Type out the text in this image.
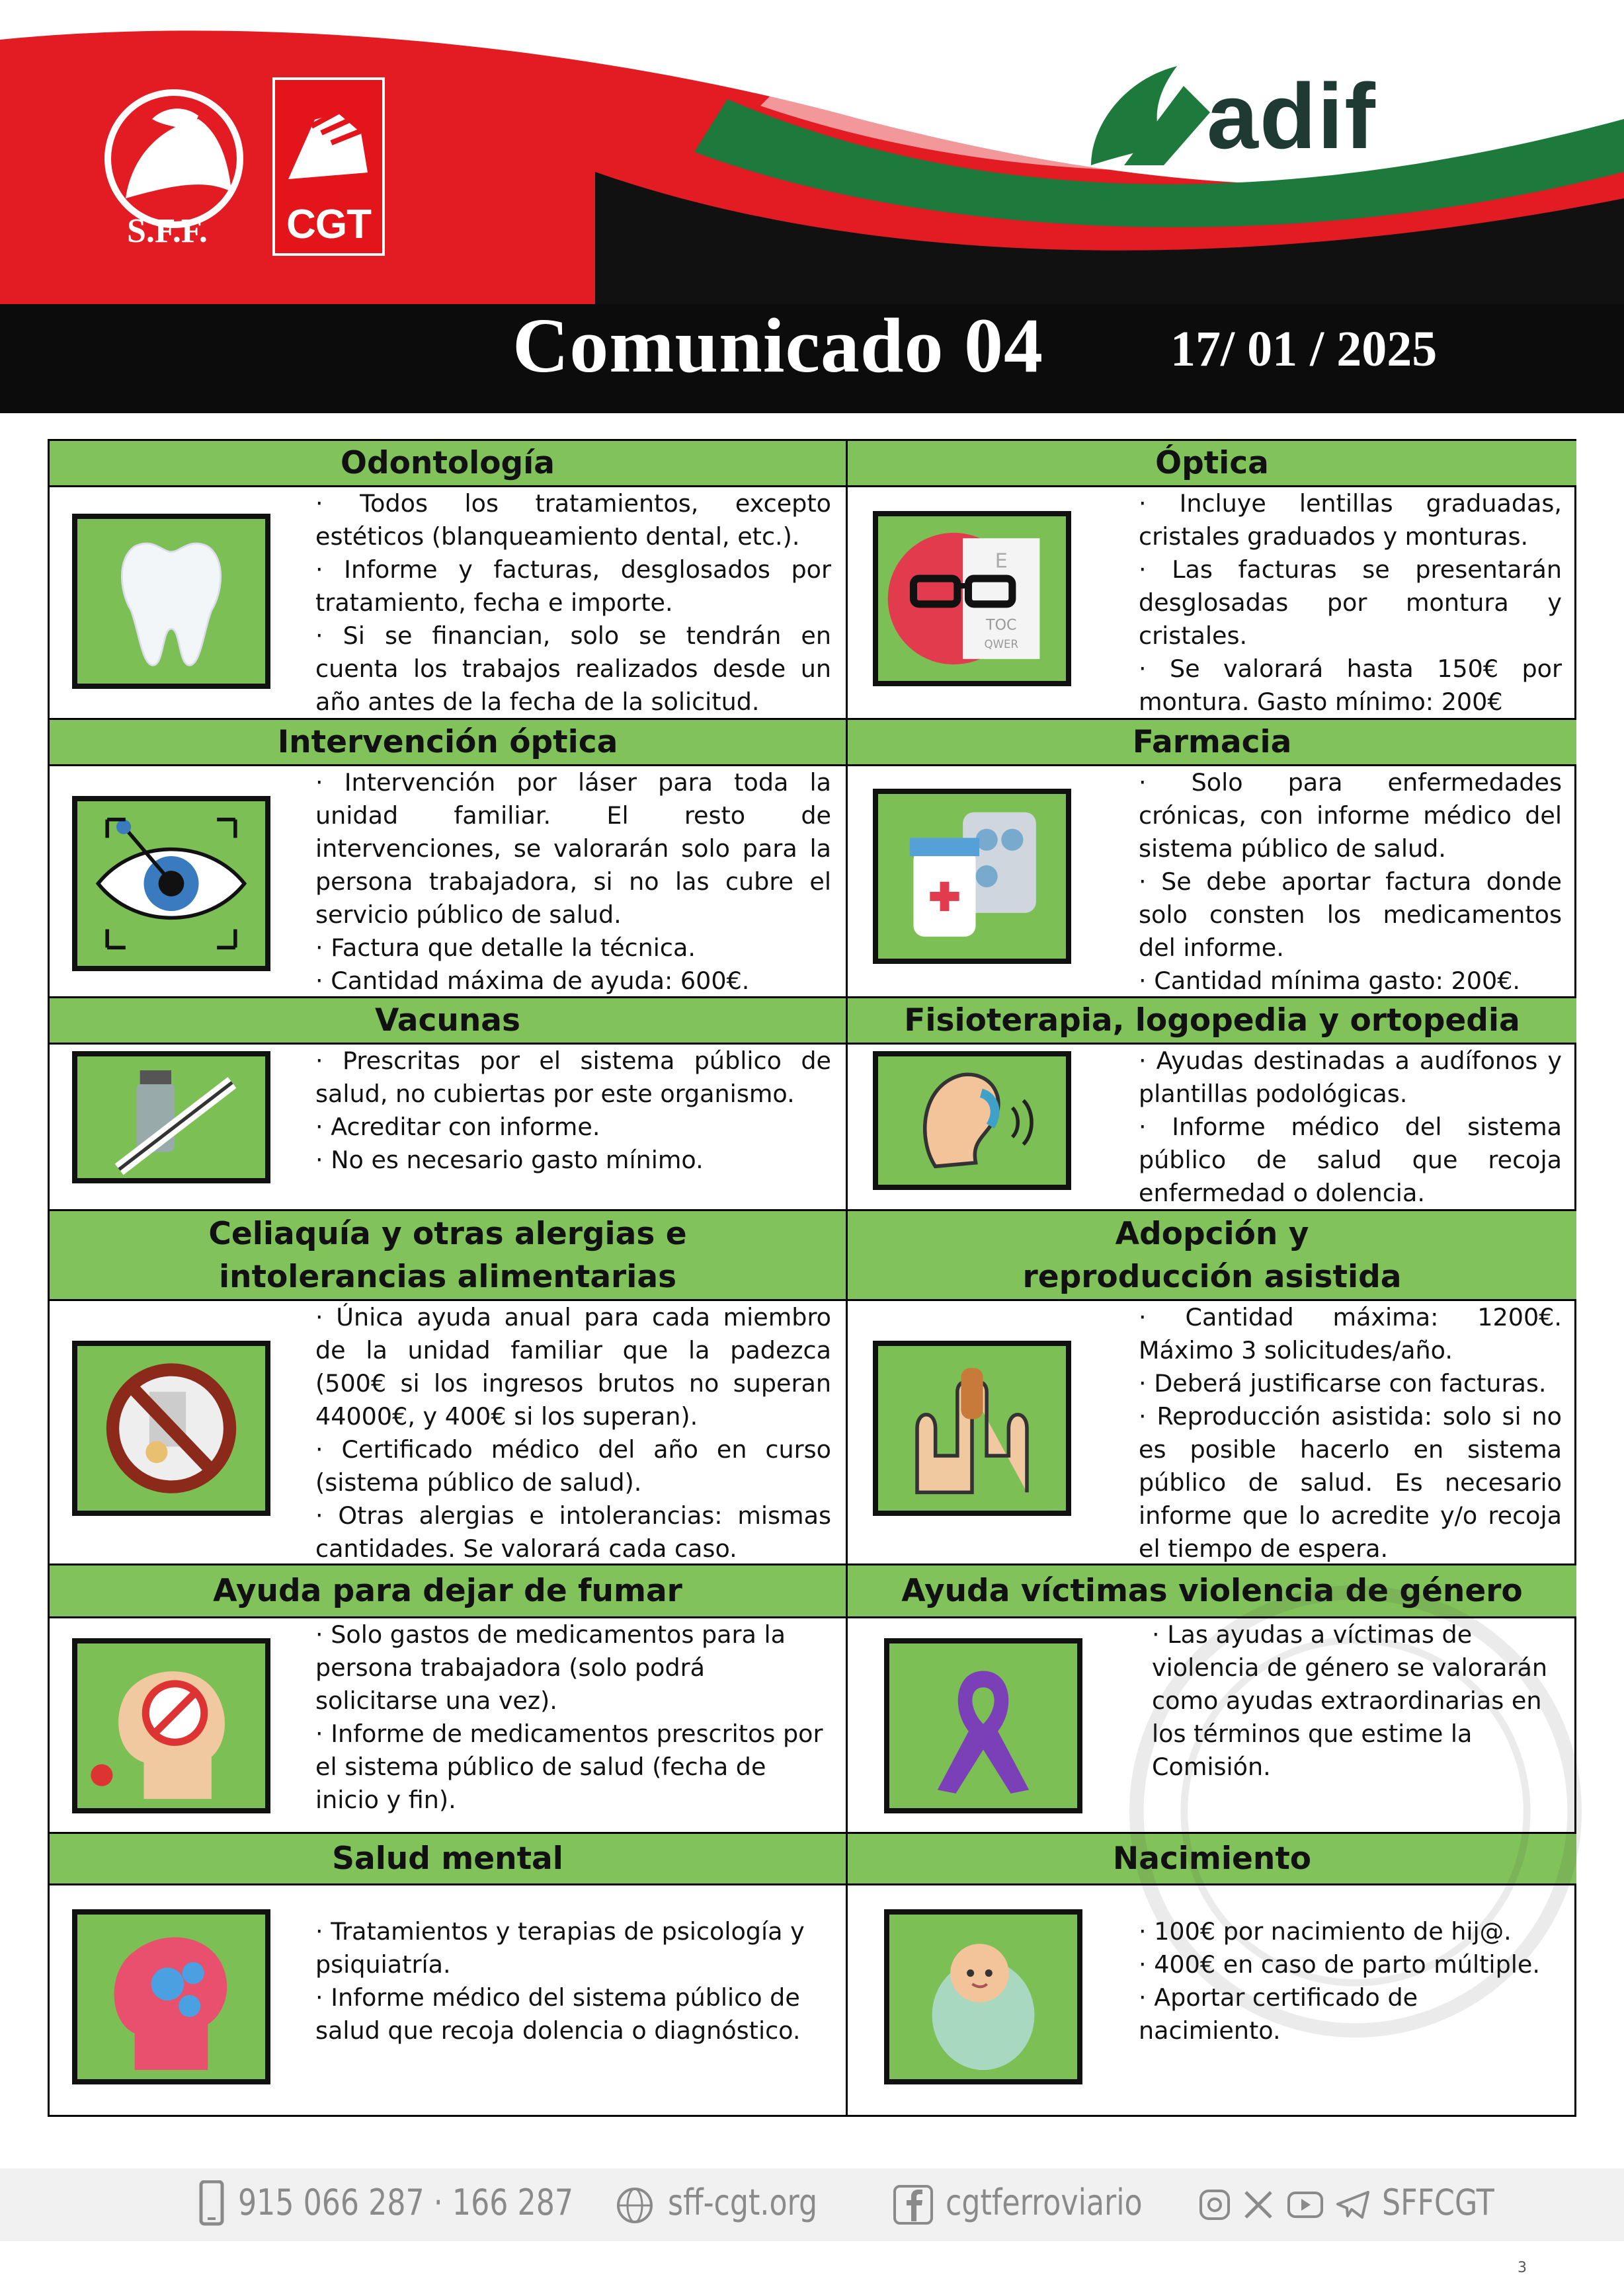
S.F.F. CGT
adif
Comunicado 04	17/ 01 / 2025
Odontología

· Todos los tratamientos, excepto estéticos (blanqueamiento dental, etc.).

· Informe y facturas, desglosados por tratamiento, fecha e importe.

· Si se financian, solo se tendrán en cuenta los trabajos realizados desde un año antes de la fecha de la solicitud.

Intervención óptica

· Intervención por láser para toda la unidad familiar. El resto de intervenciones, se valorarán solo para la persona trabajadora, si no las cubre el servicio público de salud.

· Factura que detalle la técnica.

· Cantidad máxima de ayuda: 600€.

Vacunas

· Prescritas por el sistema público de salud, no cubiertas por este organismo.

· Acreditar con informe.

· No es necesario gasto mínimo.

Celiaquía y otras alergias e
intolerancias alimentarias

· Única ayuda anual para cada miembro de la unidad familiar que la padezca (500€ si los ingresos brutos no superan 44000€, y 400€ si los superan).

· Certificado médico del año en curso (sistema público de salud).

· Otras alergias e intolerancias: mismas cantidades. Se valorará cada caso.

Ayuda para dejar de fumar

· Solo gastos de medicamentos para la persona trabajadora (solo podrá solicitarse una vez).

· Informe de medicamentos prescritos por el sistema público de salud (fecha de inicio y fin).

Salud mental

· Tratamientos y terapias de psicología y psiquiatría.

· Informe médico del sistema público de salud que recoja dolencia o diagnóstico.

Óptica
E
TOC
QWER

· Incluye lentillas graduadas, cristales graduados y monturas.

· Las facturas se presentarán desglosadas por montura y cristales.

· Se valorará hasta 150€ por montura. Gasto mínimo: 200€

Farmacia

· Solo para enfermedades crónicas, con informe médico del sistema público de salud.

· Se debe aportar factura donde solo consten los medicamentos del informe.

· Cantidad mínima gasto: 200€.

Fisioterapia, logopedia y ortopedia

· Ayudas destinadas a audífonos y plantillas podológicas.

· Informe médico del sistema público de salud que recoja enfermedad o dolencia.

Adopción y
reproducción asistida

· Cantidad máxima: 1200€. Máximo 3 solicitudes/año.

· Deberá justificarse con facturas.

· Reproducción asistida: solo si no es posible hacerlo en sistema público de salud. Es necesario informe que lo acredite y/o recoja el tiempo de espera.

Ayuda víctimas violencia de género

· Las ayudas a víctimas de violencia de género se valorarán como ayudas extraordinarias en los términos que estime la Comisión.

Nacimiento

· 100€ por nacimiento de hij@.

· 400€ en caso de parto múltiple.

· Aportar certificado de nacimiento.

915 066 287 · 166 287	sff-cgt.org	cgtferroviario	SFFCGT
3
